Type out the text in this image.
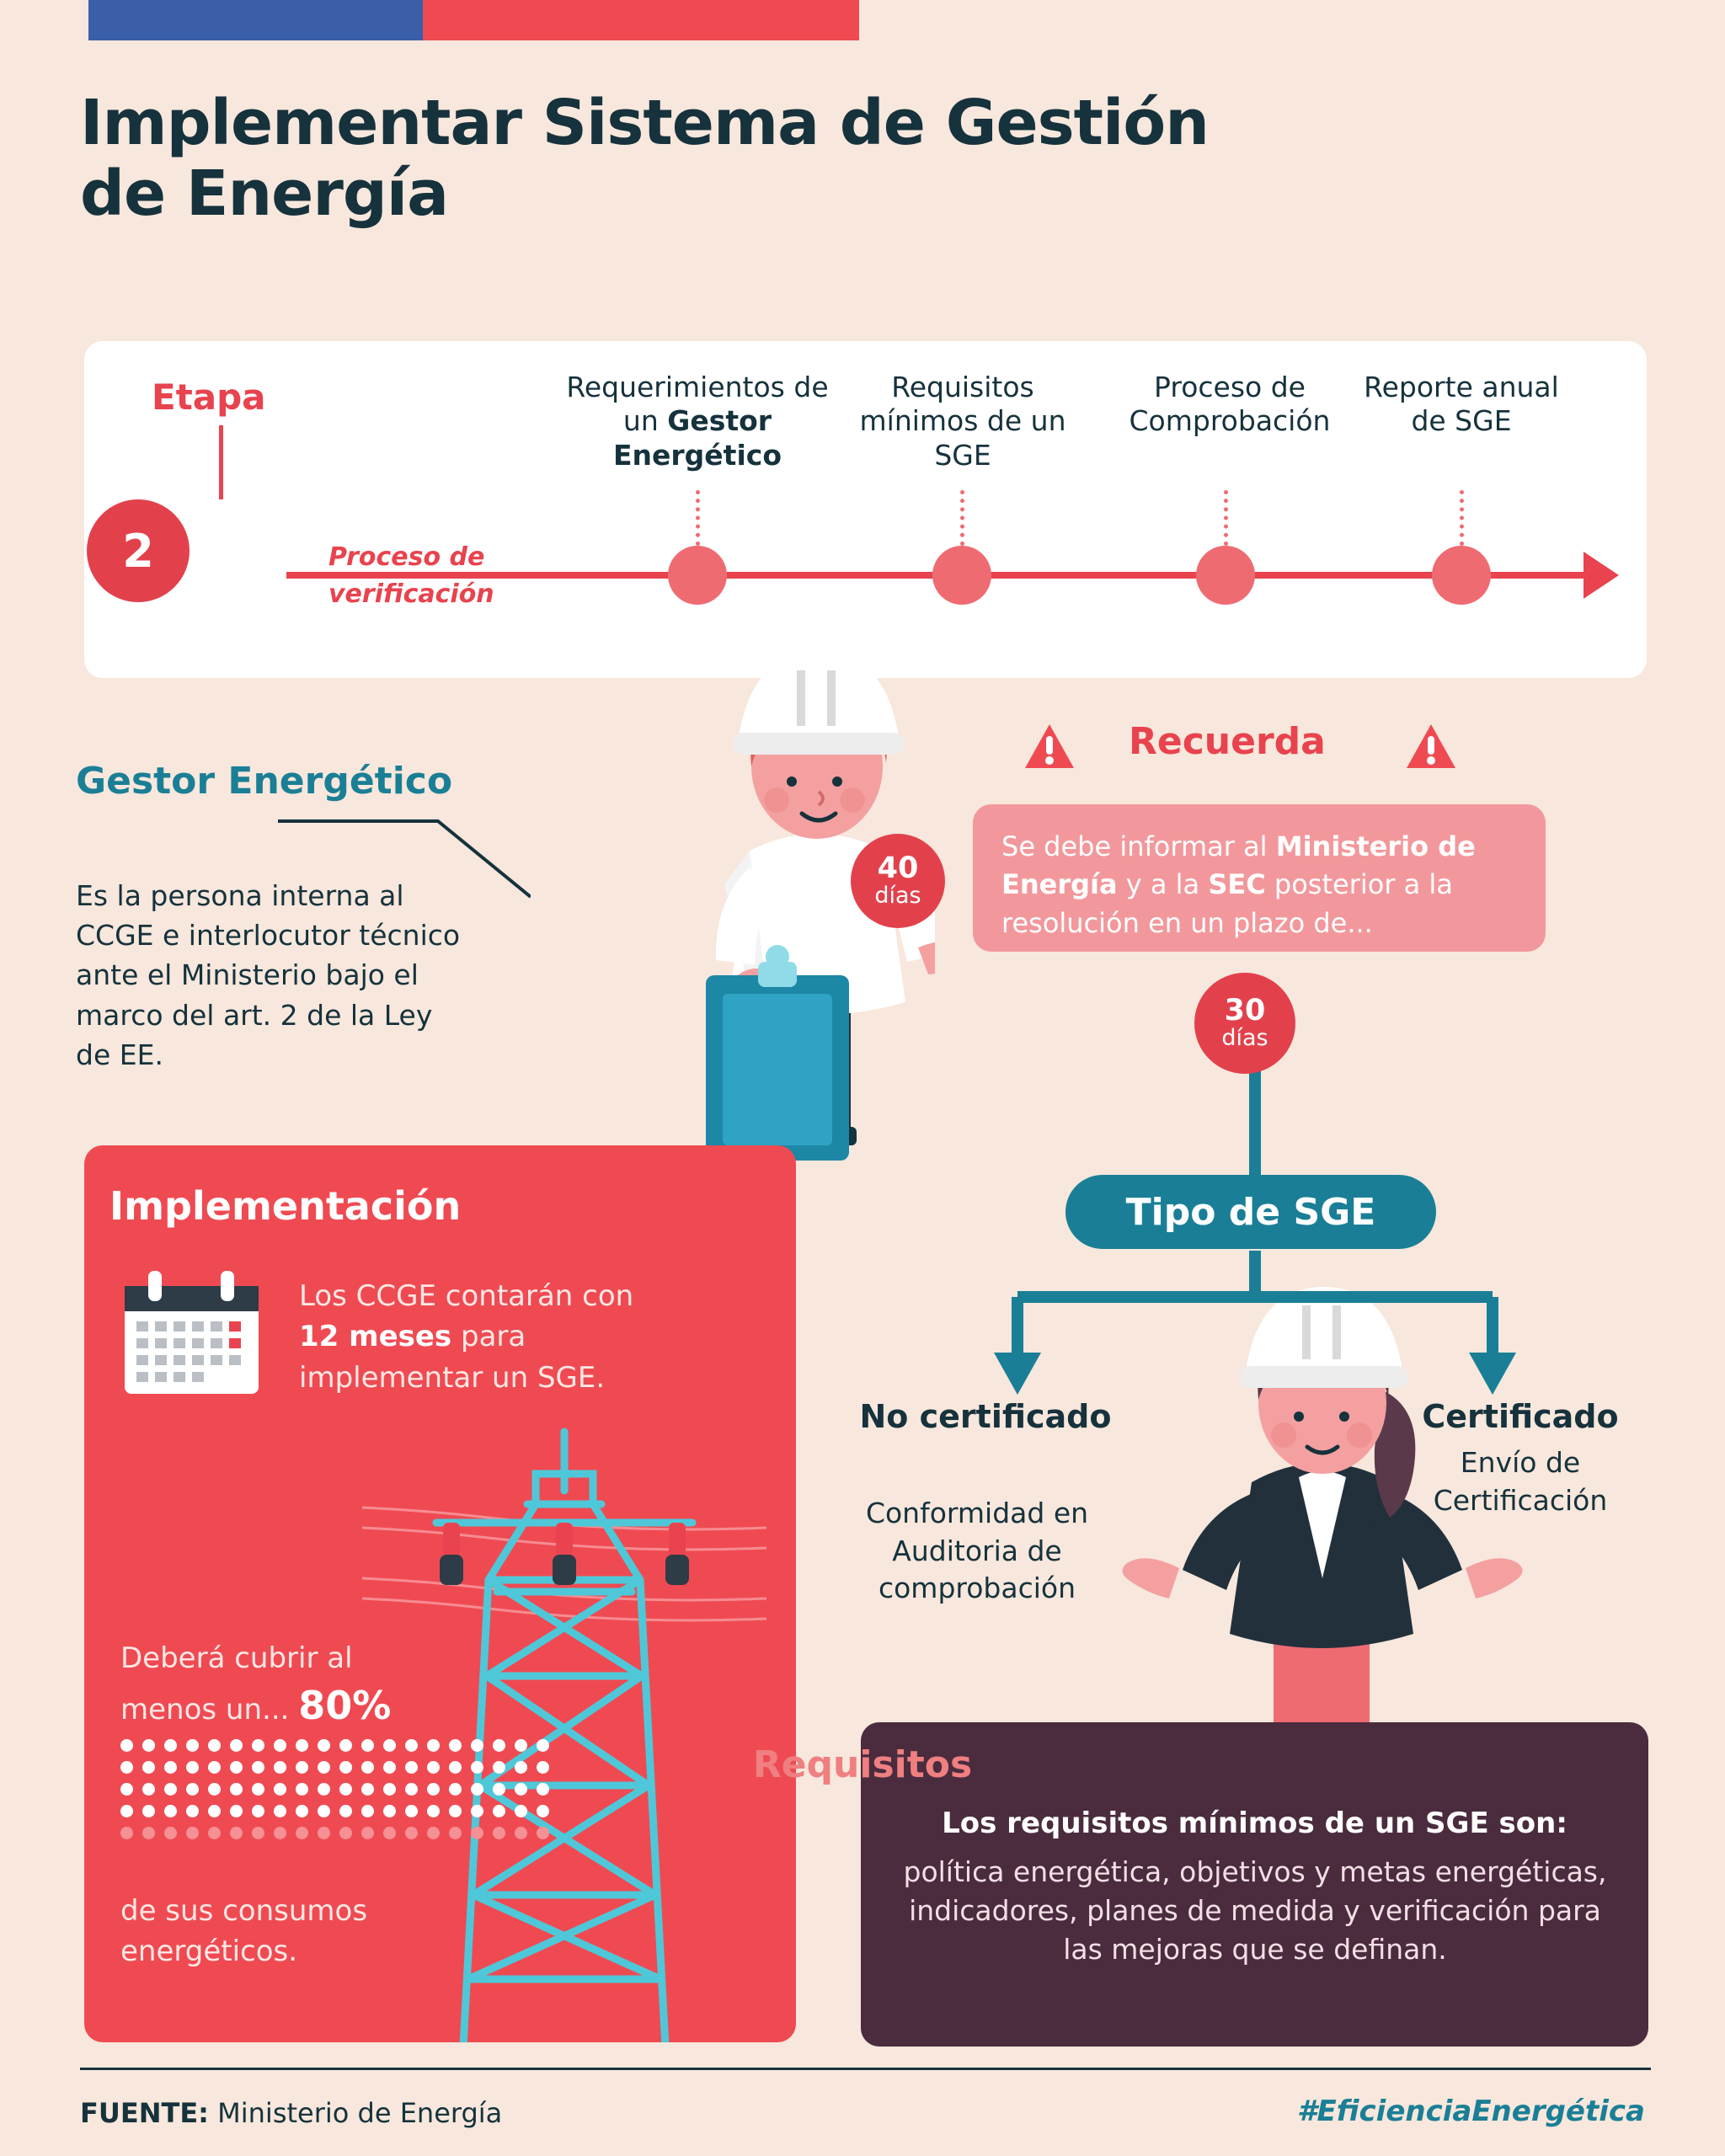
Implementar Sistema de Gestión de Energía
Etapa
2	Proceso de verificación
Requerimientos de un Gestor Energético
Requisitos mínimos de un SGE
Proceso de Comprobación
Reporte anual de SGE
Gestor Energético
Es la persona interna al CCGE e interlocutor técnico ante el Ministerio bajo el marco del art. 2 de la Ley de EE.
Recuerda
Se debe informar al Ministerio de Energía y a la SEC posterior a la resolución en un plazo de...
40
días
30
días
Implementación
Los CCGE contarán con 12 meses para implementar un SGE.
Deberá cubrir al menos un... 80%
de sus consumos energéticos.
Tipo de SGE
No certificado
Conformidad en Auditoria de comprobación
Certificado
Envío de Certificación
Requisitos
Los requisitos mínimos de un SGE son:
política energética, objetivos y metas energéticas, indicadores, planes de medida y verificación para las mejoras que se definan.
FUENTE: Ministerio de Energía	#EficienciaEnergética
